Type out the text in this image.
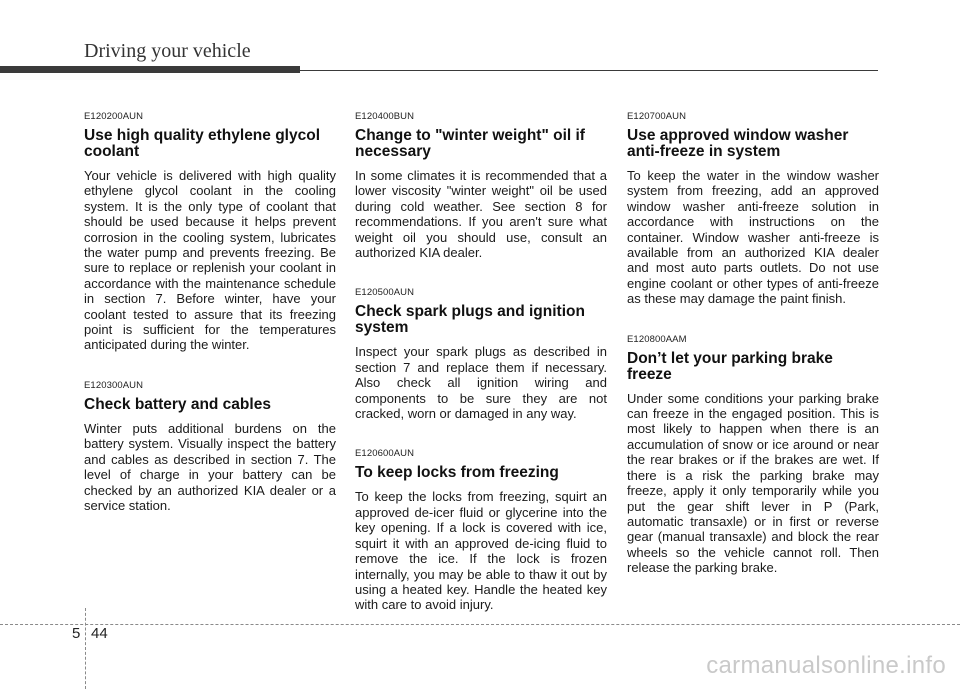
Driving your vehicle
E120200AUN
Use high quality ethylene glycol coolant

Your vehicle is delivered with high quality ethylene glycol coolant in the cooling system. It is the only type of coolant that should be used because it helps prevent corrosion in the cooling system, lubricates the water pump and prevents freezing. Be sure to replace or replenish your coolant in accordance with the maintenance schedule in section 7. Before winter, have your coolant tested to assure that its freezing point is sufficient for the temperatures anticipated during the winter.

E120300AUN
Check battery and cables

Winter puts additional burdens on the battery system. Visually inspect the battery and cables as described in section 7. The level of charge in your battery can be checked by an authorized KIA dealer or a service station.

E120400BUN
Change to "winter weight" oil if necessary

In some climates it is recommended that a lower viscosity "winter weight" oil be used during cold weather. See section 8 for recommendations. If you aren't sure what weight oil you should use, consult an authorized KIA dealer.

E120500AUN
Check spark plugs and ignition system

Inspect your spark plugs as described in section 7 and replace them if necessary. Also check all ignition wiring and components to be sure they are not cracked, worn or damaged in any way.

E120600AUN
To keep locks from freezing

To keep the locks from freezing, squirt an approved de-icer fluid or glycerine into the key opening. If a lock is covered with ice, squirt it with an approved de-icing fluid to remove the ice. If the lock is frozen internally, you may be able to thaw it out by using a heated key. Handle the heated key with care to avoid injury.

E120700AUN
Use approved window washer anti-freeze in system

To keep the water in the window washer system from freezing, add an approved window washer anti-freeze solution in accordance with instructions on the container. Window washer anti-freeze is available from an authorized KIA dealer and most auto parts outlets. Do not use engine coolant or other types of anti-freeze as these may damage the paint finish.

E120800AAM
Don’t let your parking brake freeze

Under some conditions your parking brake can freeze in the engaged position. This is most likely to happen when there is an accumulation of snow or ice around or near the rear brakes or if the brakes are wet. If there is a risk the parking brake may freeze, apply it only temporarily while you put the gear shift lever in P (Park, automatic transaxle) or in first or reverse gear (manual transaxle) and block the rear wheels so the vehicle cannot roll. Then release the parking brake.

5 44
carmanualsonline.info
